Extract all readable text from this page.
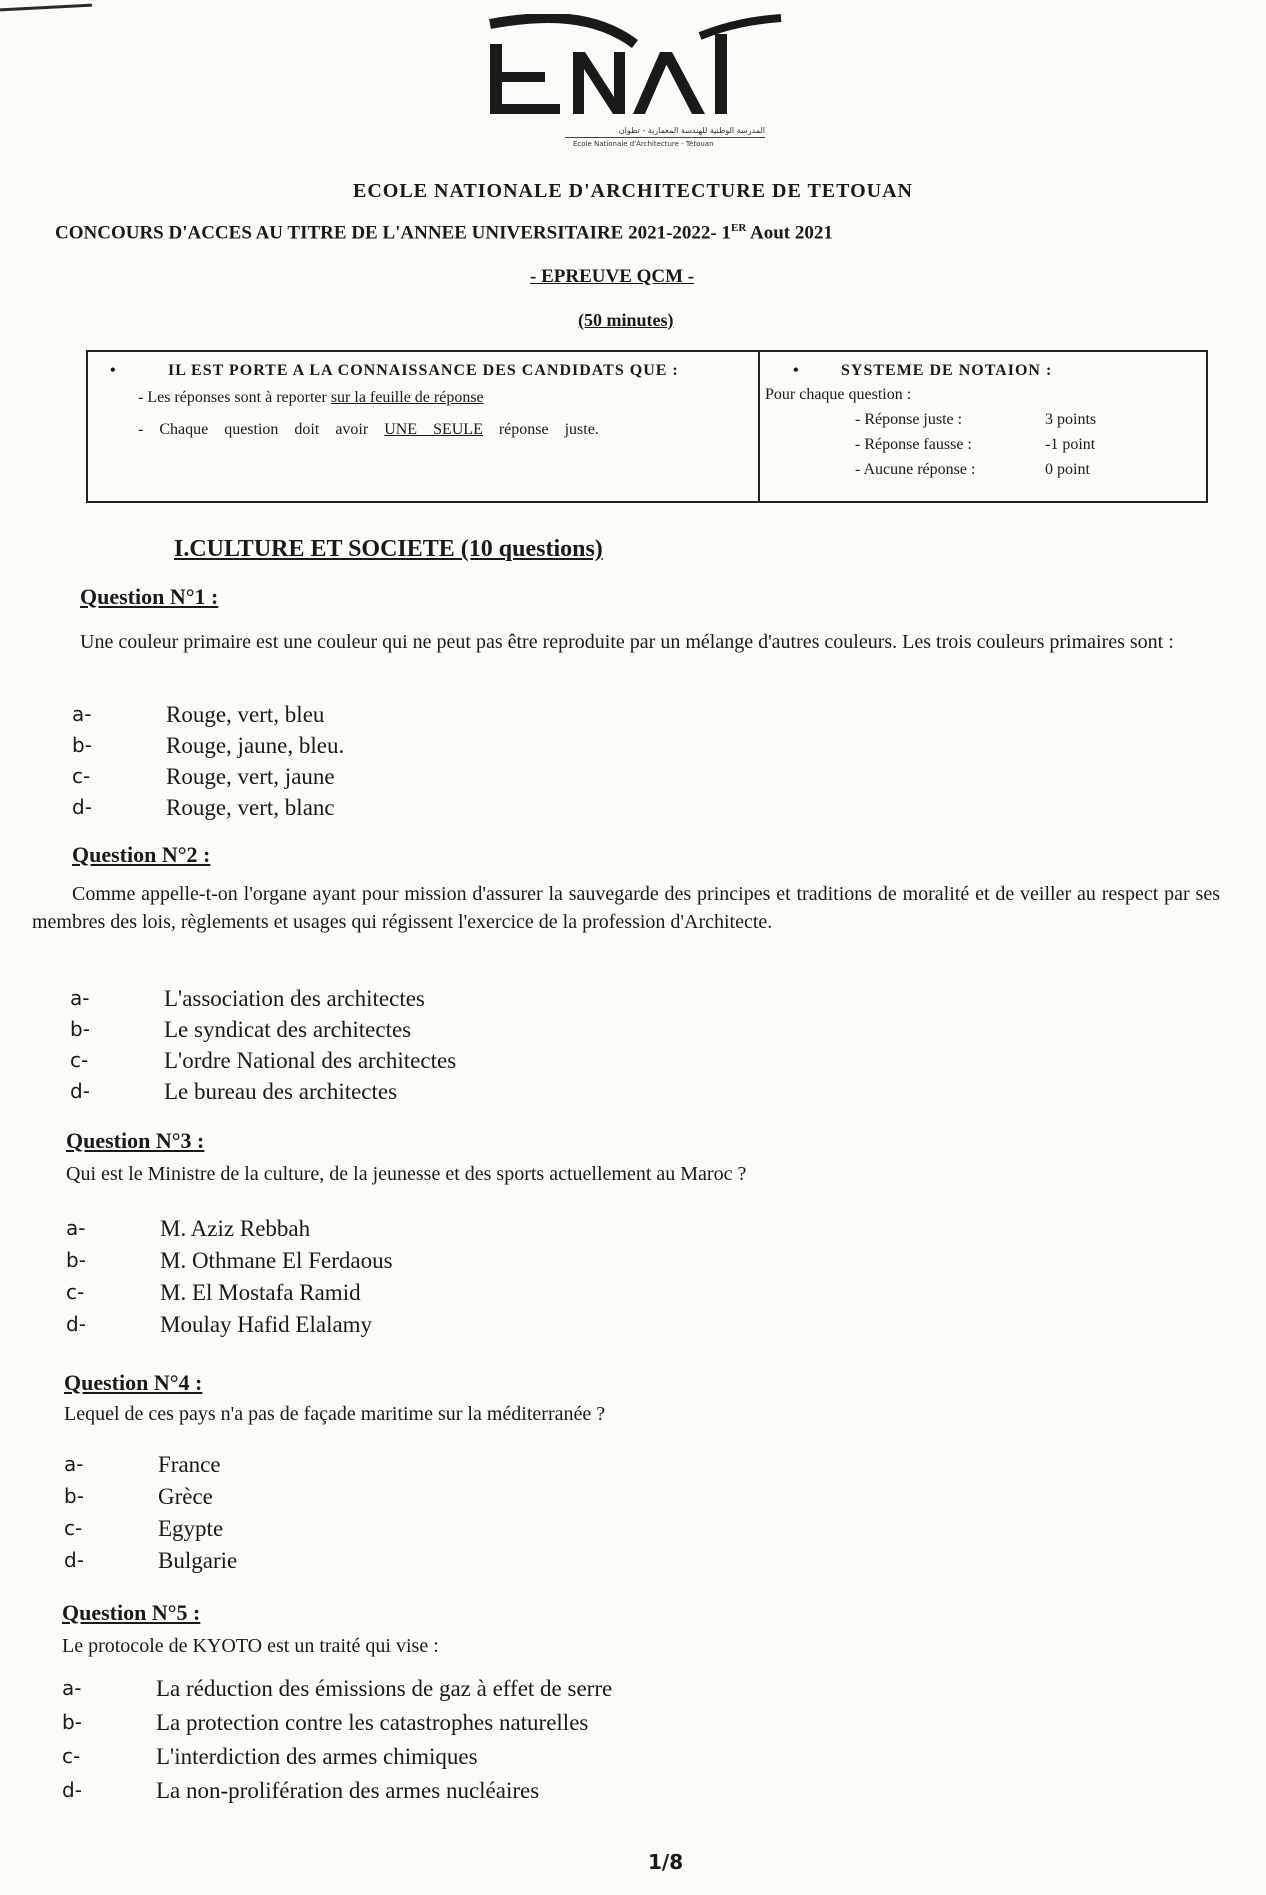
المدرسة الوطنية للهندسة المعمارية - تطوان
Ecole Nationale d'Architecture - Tétouan
ECOLE NATIONALE D'ARCHITECTURE DE TETOUAN
CONCOURS D'ACCES AU TITRE DE L'ANNEE UNIVERSITAIRE 2021-2022- 1ER Aout 2021
- EPREUVE QCM -
(50 minutes)
•	IL EST PORTE A LA CONNAISSANCE DES CANDIDATS QUE :
- Les réponses sont à reporter sur la feuille de réponse
- Chaque question doit avoir UNE SEULE réponse juste.
•	SYSTEME DE NOTAION :
Pour chaque question :
- Réponse juste :	3 points
- Réponse fausse :	-1 point
- Aucune réponse :	0 point
I.CULTURE ET SOCIETE (10 questions)
Question N°1 :
Une couleur primaire est une couleur qui ne peut pas être reproduite par un mélange d'autres couleurs. Les trois couleurs primaires sont :
a-	Rouge, vert, bleu
b-	Rouge, jaune, bleu.
c-	Rouge, vert, jaune
d-	Rouge, vert, blanc
Question N°2 :
Comme appelle-t-on l'organe ayant pour mission d'assurer la sauvegarde des principes et traditions de moralité et de veiller au respect par ses membres des lois, règlements et usages qui régissent l'exercice de la profession d'Architecte.
a-	L'association des architectes
b-	Le syndicat des architectes
c-	L'ordre National des architectes
d-	Le bureau des architectes
Question N°3 :
Qui est le Ministre de la culture, de la jeunesse et des sports actuellement au Maroc ?
a-	M. Aziz Rebbah
b-	M. Othmane El Ferdaous
c-	M. El Mostafa Ramid
d-	Moulay Hafid Elalamy
Question N°4 :
Lequel de ces pays n'a pas de façade maritime sur la méditerranée ?
a-	France
b-	Grèce
c-	Egypte
d-	Bulgarie
Question N°5 :
Le protocole de KYOTO est un traité qui vise :
a-	La réduction des émissions de gaz à effet de serre
b-	La protection contre les catastrophes naturelles
c-	L'interdiction des armes chimiques
d-	La non-prolifération des armes nucléaires
1/8
